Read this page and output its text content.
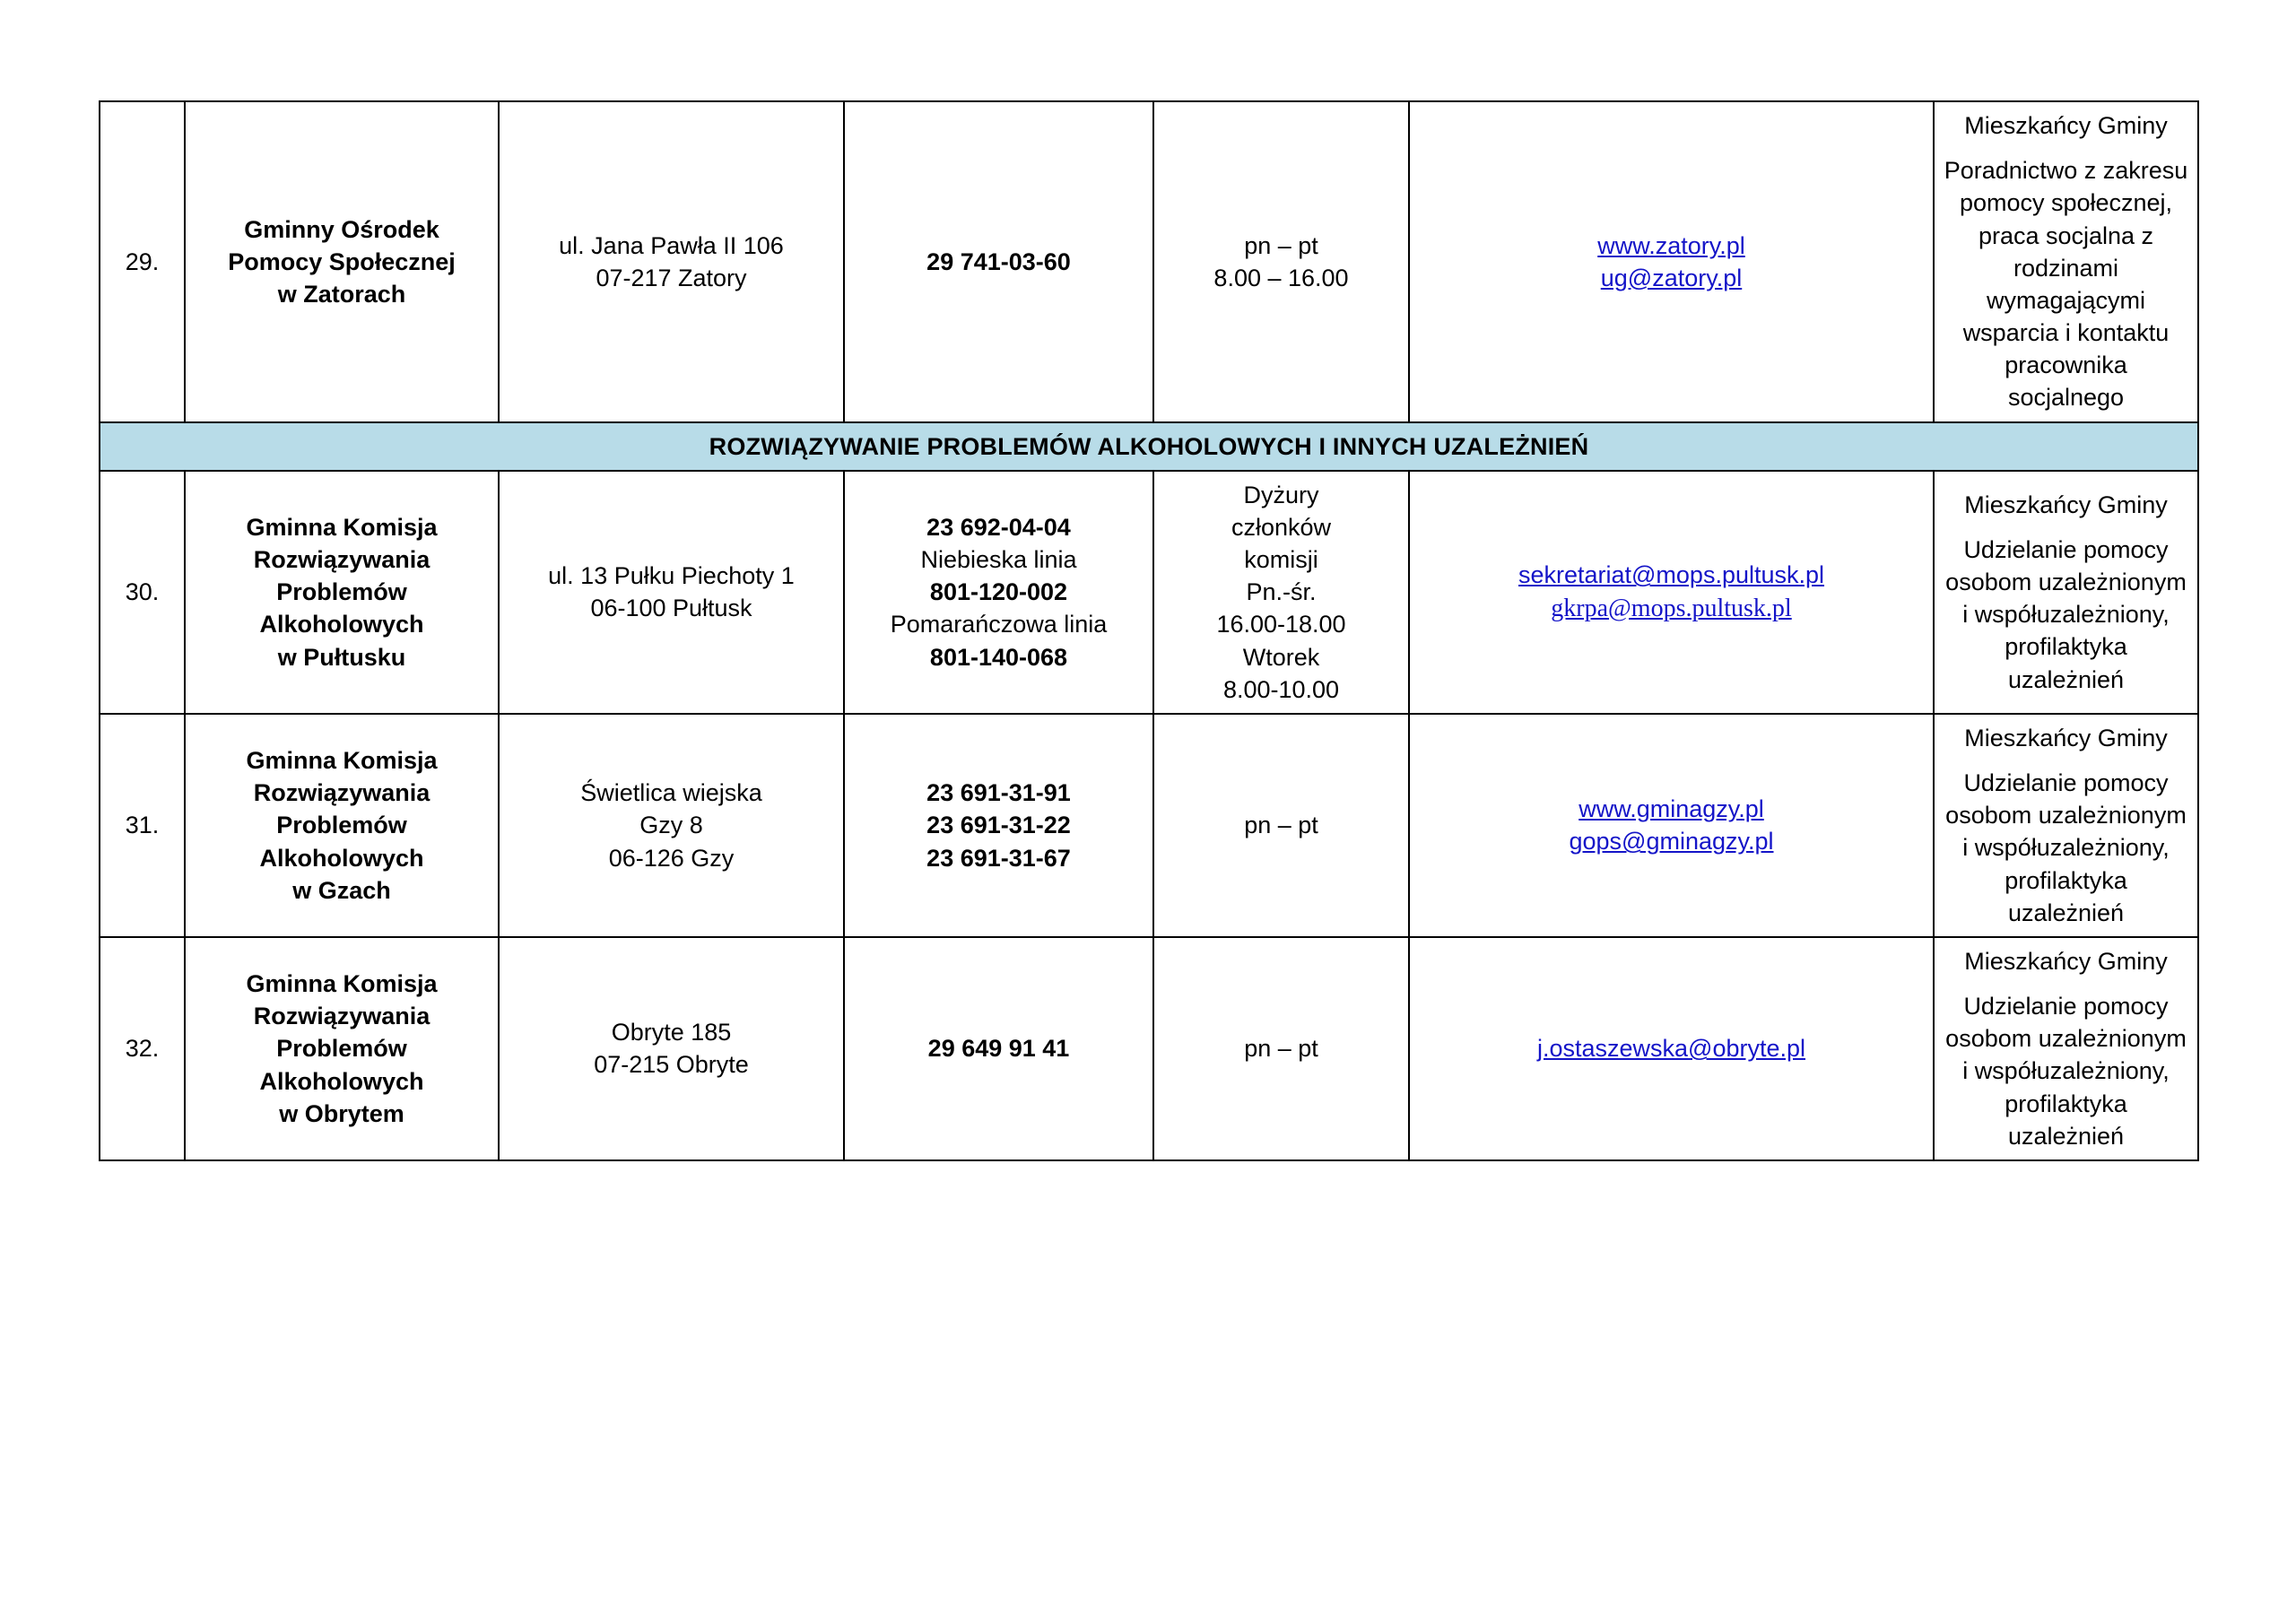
29.	Gminny Ośrodek
Pomocy Społecznej
w Zatorach	ul. Jana Pawła II 106
07-217 Zatory	29 741-03-60	pn – pt
8.00 – 16.00	www.zatory.pl
ug@zatory.pl	Mieszkańcy Gminy
Poradnictwo z zakresu pomocy społecznej, praca socjalna z rodzinami wymagającymi wsparcia i kontaktu pracownika socjalnego
ROZWIĄZYWANIE PROBLEMÓW ALKOHOLOWYCH I INNYCH UZALEŻNIEŃ						
30.	
Gminna Komisja
Rozwiązywania
Problemów
Alkoholowych
w Pułtusku

ul. 13 Pułku Piechoty 1
06-100 Pułtusk

23 692-04-04
Niebieska linia
801-120-002
Pomarańczowa linia
801-140-068

Dyżury
członków
komisji
Pn.-śr.
16.00-18.00
Wtorek
8.00-10.00

sekretariat@mops.pultusk.pl
gkrpa@mops.pultusk.pl

Mieszkańcy Gminy
Udzielanie pomocy osobom uzależnionym i współuzależniony, profilaktyka uzależnień
31.	Gminna Komisja
Rozwiązywania
Problemów
Alkoholowych
w Gzach	Świetlica wiejska
Gzy 8
06-126 Gzy	23 691-31-91
23 691-31-22
23 691-31-67	pn – pt	www.gminagzy.pl
gops@gminagzy.pl	Mieszkańcy Gminy
Udzielanie pomocy osobom uzależnionym i współuzależniony, profilaktyka uzależnień
32.	Gminna Komisja
Rozwiązywania
Problemów
Alkoholowych
w Obrytem	Obryte 185
07-215 Obryte	29 649 91 41	pn – pt	j.ostaszewska@obryte.pl	Mieszkańcy Gminy
Udzielanie pomocy osobom uzależnionym i współuzależniony, profilaktyka uzależnień
